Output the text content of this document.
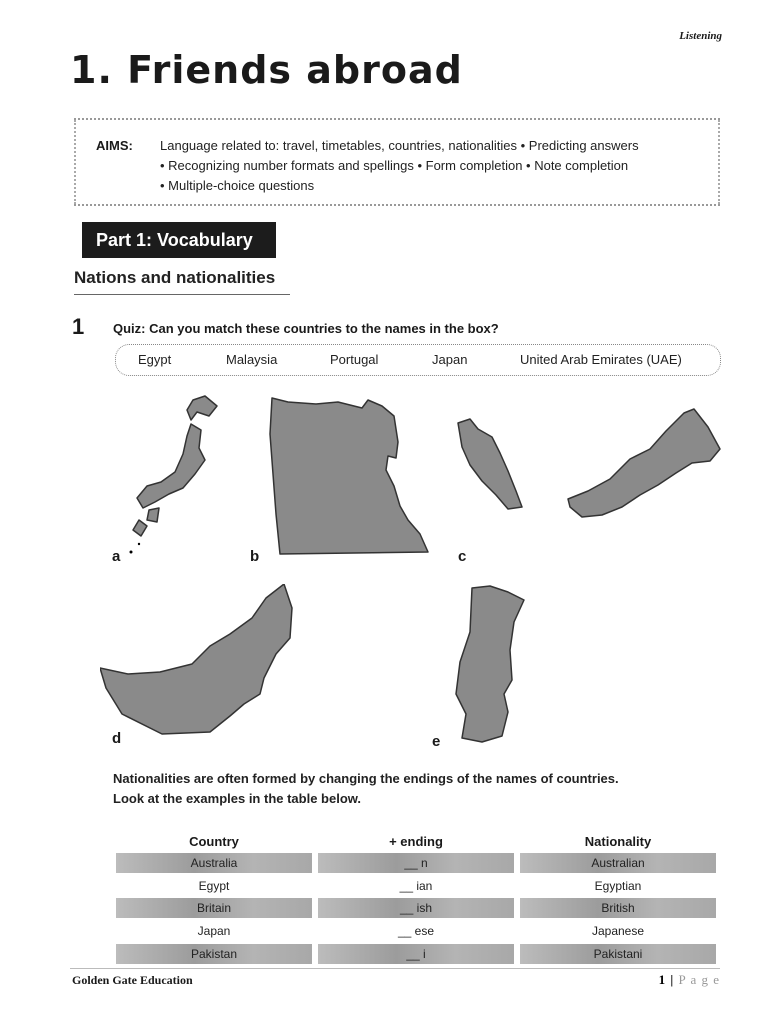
Listening
1. Friends abroad
AIMS: Language related to: travel, timetables, countries, nationalities • Predicting answers
• Recognizing number formats and spellings • Form completion • Note completion
• Multiple-choice questions
Part 1: Vocabulary
Nations and nationalities
1 Quiz: Can you match these countries to the names in the box?
Egypt	Malaysia	Portugal	Japan	United Arab Emirates (UAE)
a	b	c
d	e
Nationalities are often formed by changing the endings of the names of countries.
Look at the examples in the table below.
Country	+ ending	Nationality
Australia	__ n	Australian
Egypt	__ ian	Egyptian
Britain	__ ish	British
Japan	__ ese	Japanese
Pakistan	__ i	Pakistani
Golden Gate Education	1 | P a g e
